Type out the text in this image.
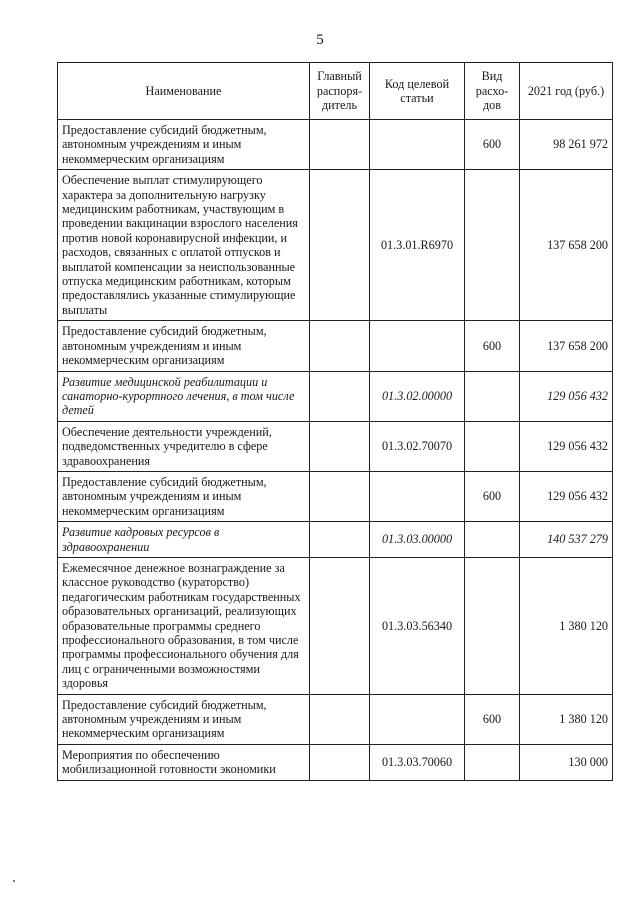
5
Наименование	Главный распоря-дитель	Код целевой статьи	Вид расхо-дов	2021 год (руб.)
Предоставление субсидий бюджетным, автономным учреждениям и иным некоммерческим организациям			600	98 261 972
Обеспечение выплат стимулирующего характера за дополнительную нагрузку медицинским работникам, участвующим в проведении вакцинации взрослого населения против новой коронавирусной инфекции, и расходов, связанных с оплатой отпусков и выплатой компенсации за неиспользованные отпуска медицинским работникам, которым предоставлялись указанные стимулирующие выплаты		01.3.01.R6970		137 658 200
Предоставление субсидий бюджетным, автономным учреждениям и иным некоммерческим организациям			600	137 658 200
Развитие медицинской реабилитации и санаторно-курортного лечения, в том числе детей		01.3.02.00000		129 056 432
Обеспечение деятельности учреждений, подведомственных учредителю в сфере здравоохранения		01.3.02.70070		129 056 432
Предоставление субсидий бюджетным, автономным учреждениям и иным некоммерческим организациям			600	129 056 432
Развитие кадровых ресурсов в здравоохранении		01.3.03.00000		140 537 279
Ежемесячное денежное вознаграждение за классное руководство (кураторство) педагогическим работникам государственных образовательных организаций, реализующих образовательные программы среднего профессионального образования, в том числе программы профессионального обучения для лиц с ограниченными возможностями здоровья		01.3.03.56340		1 380 120
Предоставление субсидий бюджетным, автономным учреждениям и иным некоммерческим организациям			600	1 380 120
Мероприятия по обеспечению мобилизационной готовности экономики		01.3.03.70060		130 000
